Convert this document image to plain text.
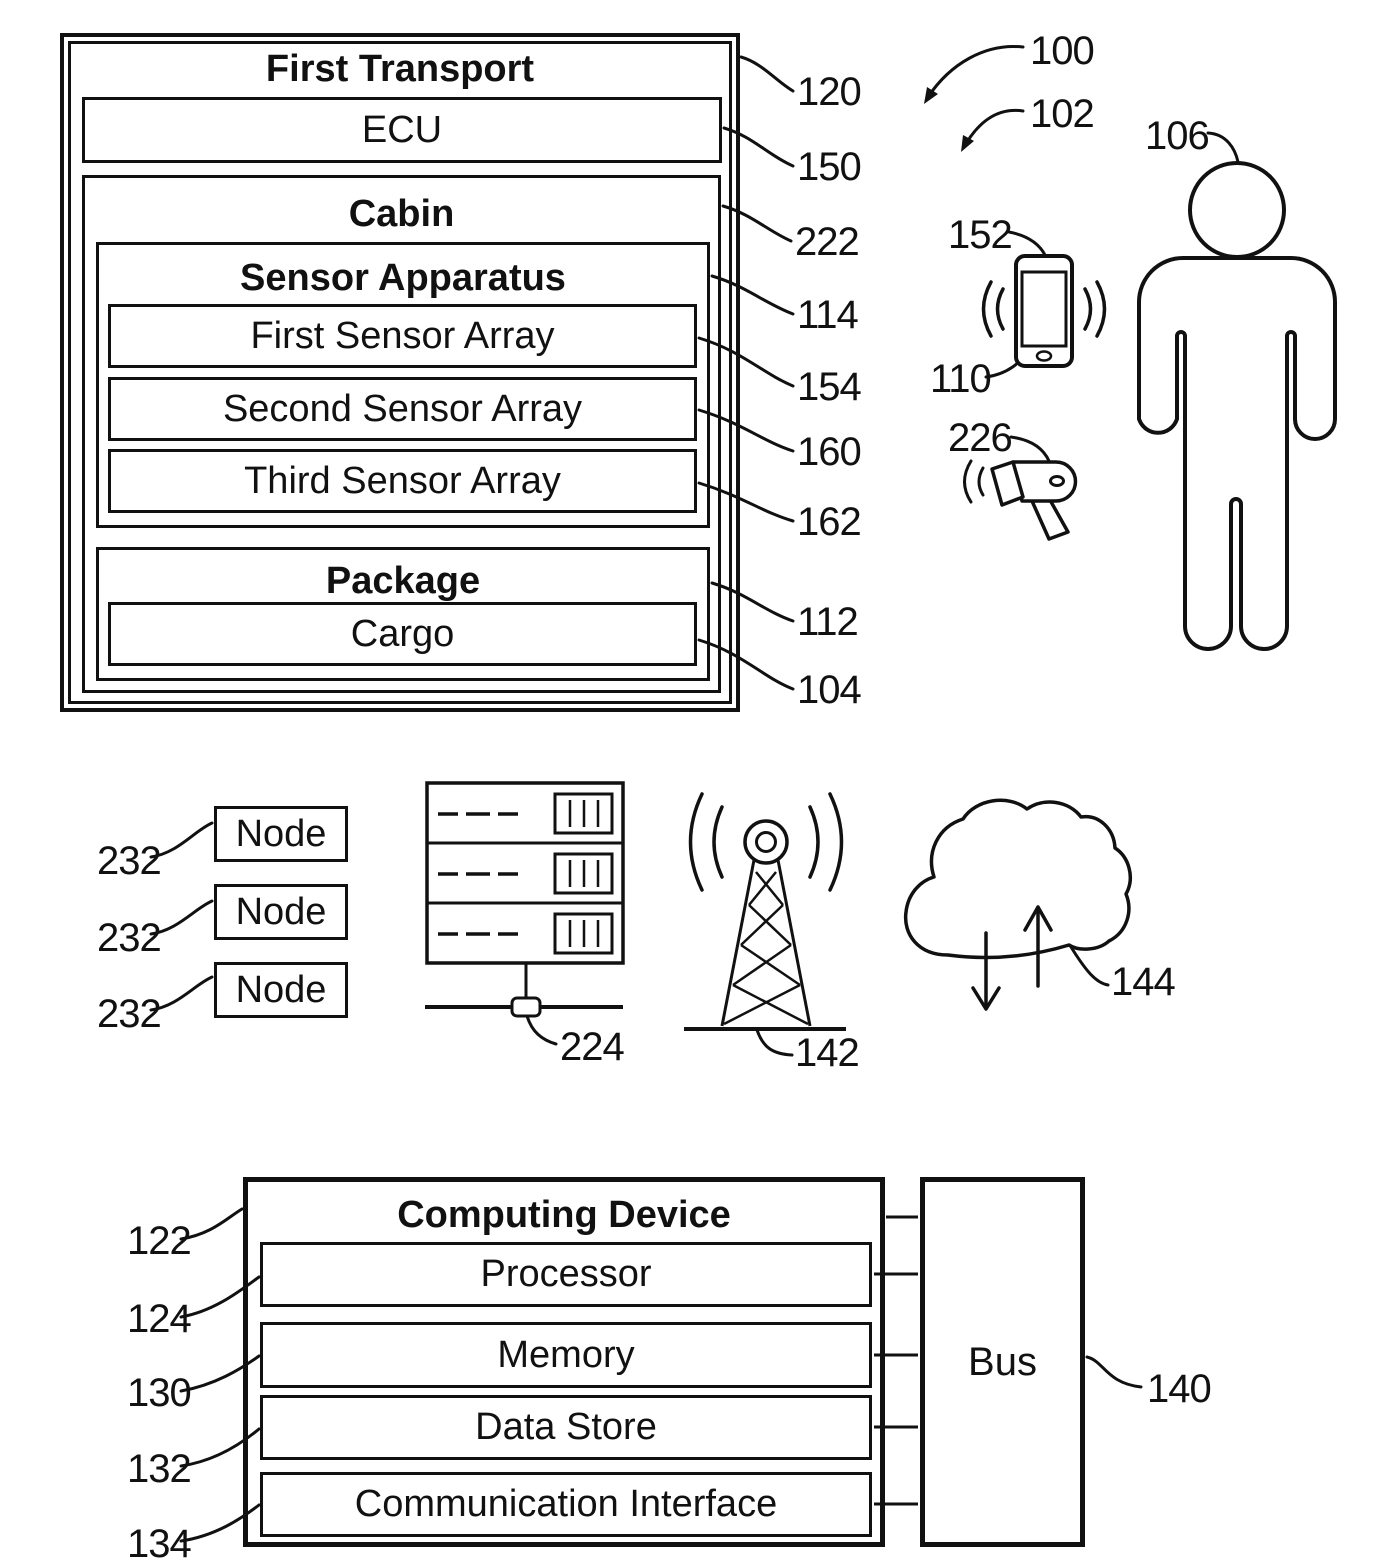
First Transport
ECU
Cabin
Sensor Apparatus
First Sensor Array
Second Sensor Array
Third Sensor Array
Package
Cargo
Node
Node
Node
Computing Device
Processor
Memory
Data Store
Communication Interface
Bus
100
102 106
152
110
226
120
150
222
114
154
160
162
112
104
232
232
232
224	142
144
122
124
130
132
134
140
